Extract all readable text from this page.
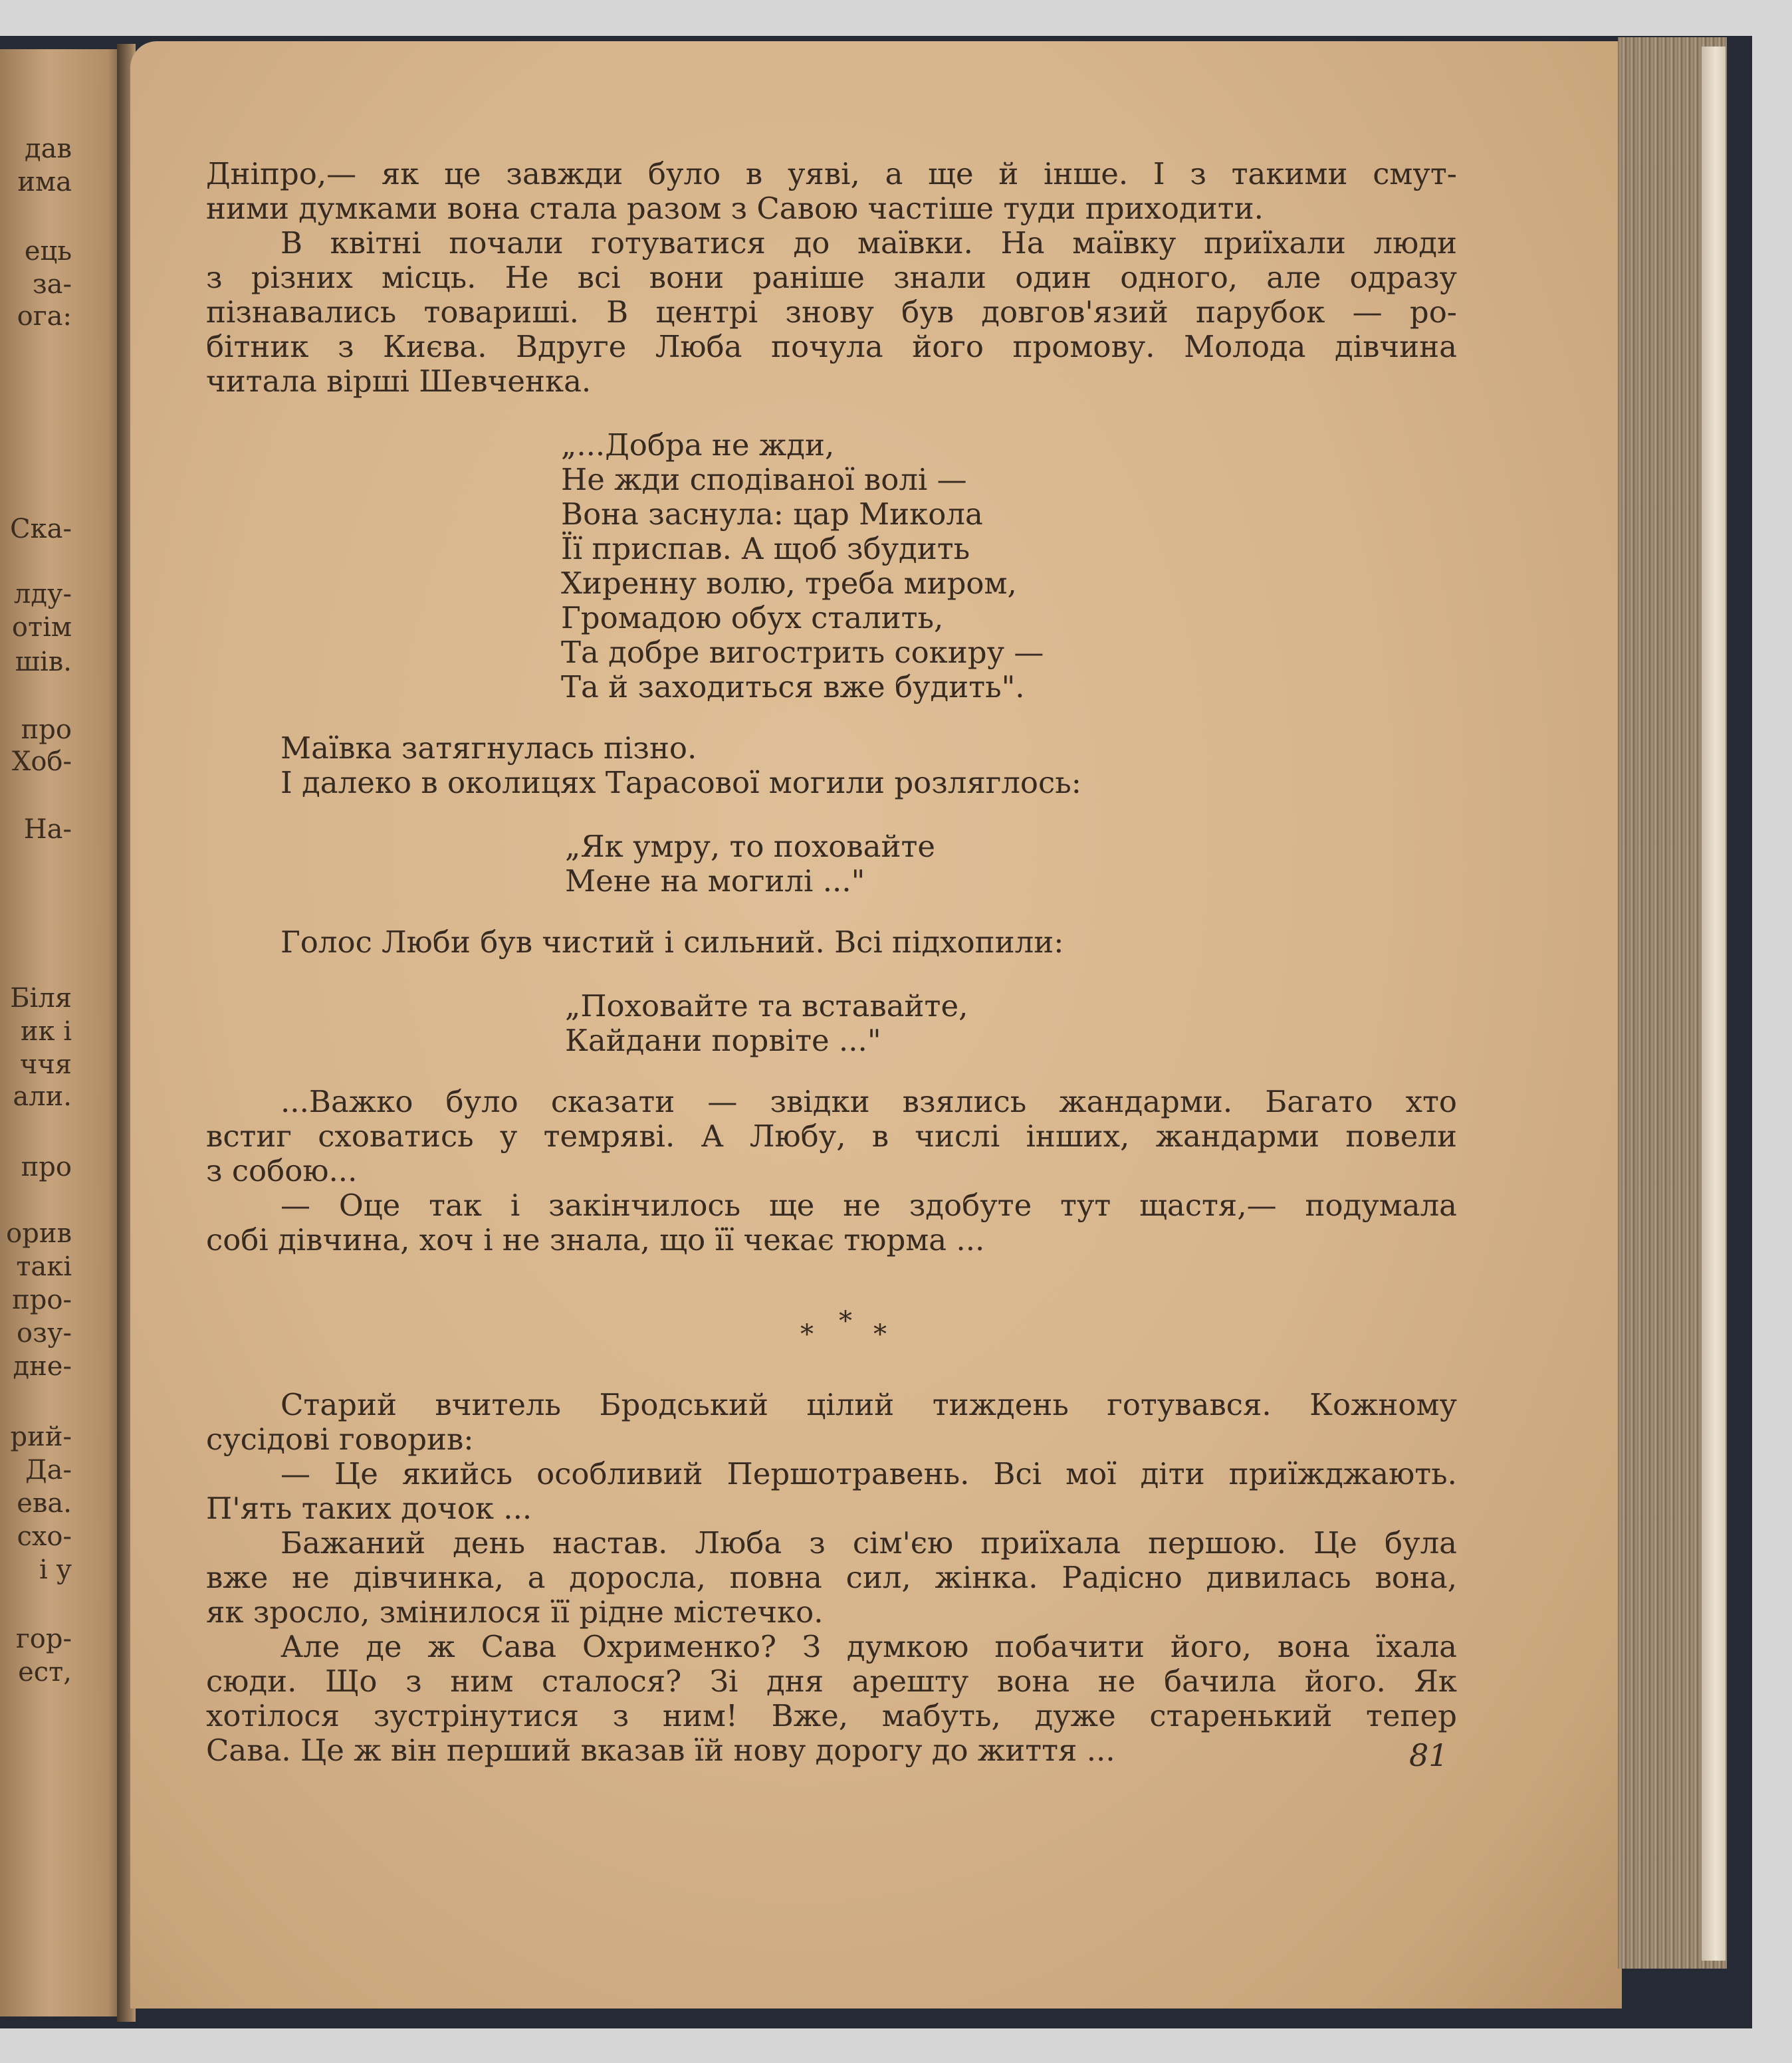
дав
има
ець
за-
ога:
Ска-
лду-
отім
шів.
про
Хоб-
На-
Біля
ик і
ччя
али.
про
орив
такі
про-
озу-
дне-
рий-
Да-
ева.
схо-
і у
гор-
ест,

Дніпро,— як це завжди було в уяві, а ще й інше. І з такими смут-

ними думками вона стала разом з Савою частіше туди приходити.

В квітні почали готуватися до маївки. На маївку приїхали люди

з різних місць. Не всі вони раніше знали один одного, але одразу

пізнавались товариші. В центрі знову був довгов'язий парубок — ро-

бітник з Києва. Вдруге Люба почула його промову. Молода дівчина

читала вірші Шевченка.

„...Добра не жди,

Не жди сподіваної волі —

Вона заснула: цар Микола

Її приспав. А щоб збудить

Хиренну волю, треба миром,

Громадою обух сталить,

Та добре вигострить сокиру —

Та й заходиться вже будить".

Маївка затягнулась пізно.

І далеко в околицях Тарасової могили розляглось:

„Як умру, то поховайте

Мене на могилі ..."

Голос Люби був чистий і сильний. Всі підхопили:

„Поховайте та вставайте,

Кайдани порвіте ..."

...Важко було сказати — звідки взялись жандарми. Багато хто

встиг сховатись у темряві. А Любу, в числі інших, жандарми повели

з собою...

— Оце так і закінчилось ще не здобуте тут щастя,— подумала

собі дівчина, хоч і не знала, що її чекає тюрма ...

*
* *

Старий вчитель Бродський цілий тиждень готувався. Кожному

сусідові говорив:

— Це якийсь особливий Першотравень. Всі мої діти приїжджають.

П'ять таких дочок ...

Бажаний день настав. Люба з сім'єю приїхала першою. Це була

вже не дівчинка, а доросла, повна сил, жінка. Радісно дивилась вона,

як зросло, змінилося її рідне містечко.

Але де ж Сава Охрименко? З думкою побачити його, вона їхала

сюди. Що з ним сталося? Зі дня арешту вона не бачила його. Як

хотілося зустрінутися з ним! Вже, мабуть, дуже старенький тепер

Сава. Це ж він перший вказав їй нову дорогу до життя ...	81
